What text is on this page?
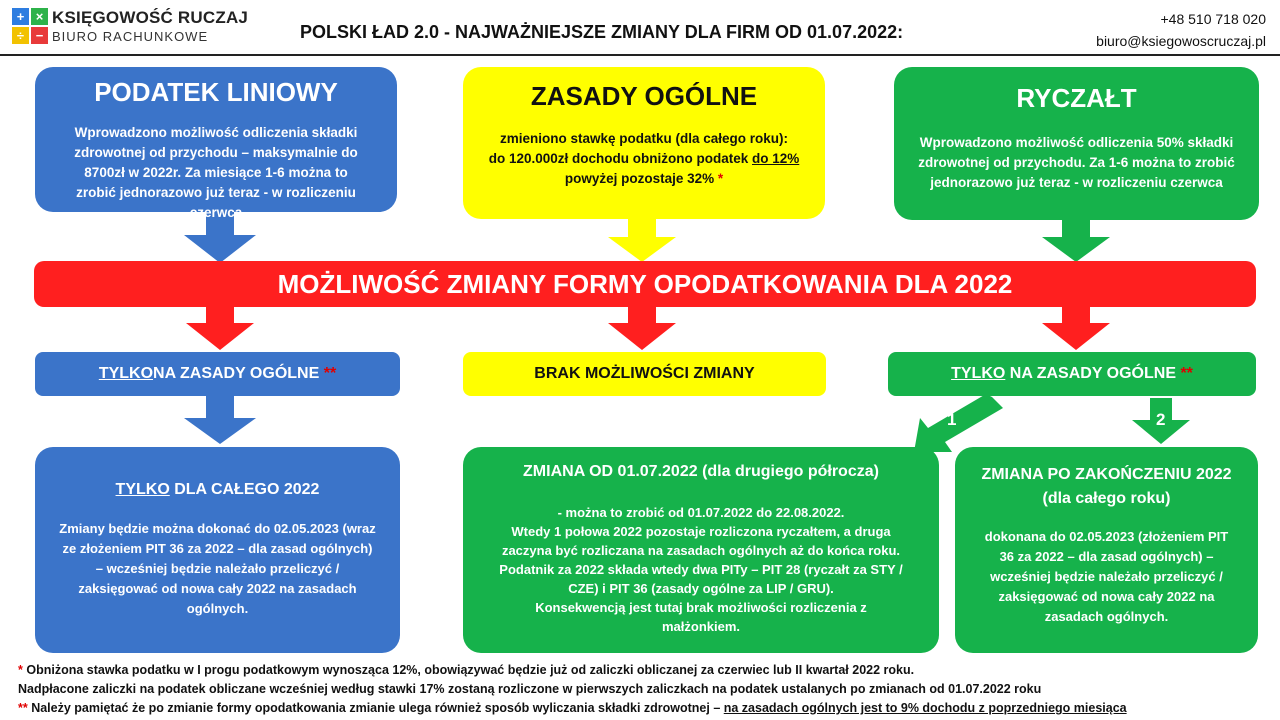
+ ×
÷ −
KSIĘGOWOŚĆ RUCZAJ
BIURO RACHUNKOWE	POLSKI ŁAD 2.0 - NAJWAŻNIEJSZE ZMIANY DLA FIRM OD 01.07.2022:
+48 510 718 020
biuro@ksiegowoscruczaj.pl
1	2
PODATEK LINIOWY

Wprowadzono możliwość odliczenia składki zdrowotnej od przychodu – maksymalnie do 8700zł w 2022r. Za miesiące 1-6 można to zrobić jednorazowo już teraz - w rozliczeniu czerwca

ZASADY OGÓLNE

zmieniono stawkę podatku (dla całego roku):

do 120.000zł dochodu obniżono podatek do 12%

powyżej pozostaje 32% *

RYCZAŁT

Wprowadzono możliwość odliczenia 50% składki zdrowotnej od przychodu. Za 1-6 można to zrobić jednorazowo już teraz - w rozliczeniu czerwca

MOŻLIWOŚĆ ZMIANY FORMY OPODATKOWANIA DLA 2022
TYLKO NA ZASADY OGÓLNE **	BRAK MOŻLIWOŚCI ZMIANY	TYLKO NA ZASADY OGÓLNE **
TYLKO DLA CAŁEGO 2022

Zmiany będzie można dokonać do 02.05.2023 (wraz ze złożeniem PIT 36 za 2022 – dla zasad ogólnych) – wcześniej będzie należało przeliczyć / zaksięgować od nowa cały 2022 na zasadach ogólnych.

ZMIANA OD 01.07.2022 (dla drugiego półrocza)

- można to zrobić od 01.07.2022 do 22.08.2022.

Wtedy 1 połowa 2022 pozostaje rozliczona ryczałtem, a druga

zaczyna być rozliczana na zasadach ogólnych aż do końca roku.

Podatnik za 2022 składa wtedy dwa PITy – PIT 28 (ryczałt za STY /

CZE) i PIT 36 (zasady ogólne za LIP / GRU).

Konsekwencją jest tutaj brak możliwości rozliczenia z

małżonkiem.

ZMIANA PO ZAKOŃCZENIU 2022 (dla całego roku)

dokonana do 02.05.2023 (złożeniem PIT 36 za 2022 – dla zasad ogólnych) – wcześniej będzie należało przeliczyć / zaksięgować od nowa cały 2022 na zasadach ogólnych.

* Obniżona stawka podatku w I progu podatkowym wynosząca 12%, obowiązywać będzie już od zaliczki obliczanej za czerwiec lub II kwartał 2022 roku.
Nadpłacone zaliczki na podatek obliczane wcześniej według stawki 17% zostaną rozliczone w pierwszych zaliczkach na podatek ustalanych po zmianach od 01.07.2022 roku
** Należy pamiętać że po zmianie formy opodatkowania zmianie ulega również sposób wyliczania składki zdrowotnej – na zasadach ogólnych jest to 9% dochodu z poprzedniego miesiąca
